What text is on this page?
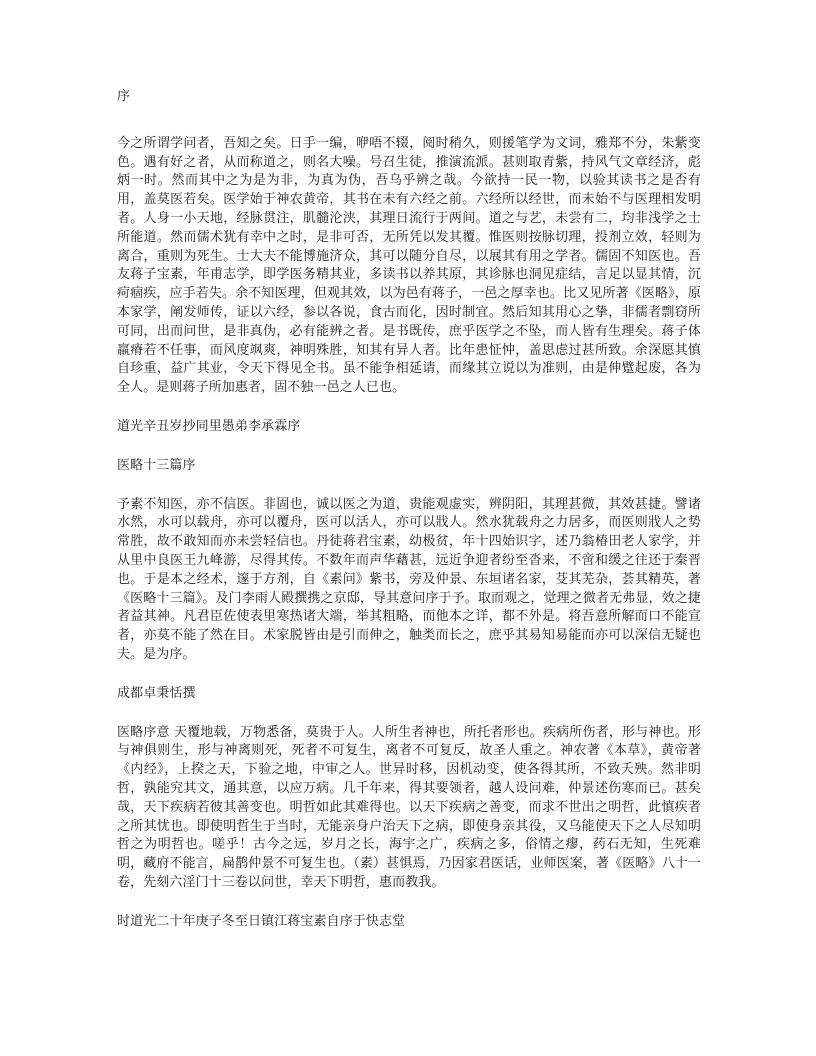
序

今之所谓学问者，吾知之矣。日手一编，咿唔不辍，阅时稍久，则援笔学为文词，雅郑不分，朱紫变色。遇有好之者，从而称道之，则名大噪。号召生徒，推演流派。甚则取青紫，持风气文章经济，彪炳一时。然而其中之为是为非，为真为伪，吾乌乎辨之哉。今欲持一民一物，以验其读书之是否有用，盖莫医若矣。医学始于神农黄帝，其书在未有六经之前。六经所以经世，而未始不与医理相发明者。人身一小天地，经脉贯注，肌髓沦浃，其理日流行于两间。道之与艺，未尝有二，均非浅学之士所能道。然而儒术犹有幸中之时，是非可否，无所凭以发其覆。惟医则按脉切理，投剂立效，轻则为离合，重则为死生。士大夫不能博施济众，其可以随分自尽，以展其有用之学者。儒固不知医也。吾友蒋子宝素，年甫志学，即学医务精其业，多读书以养其原，其诊脉也洞见症结，言足以显其情，沉疴痼疾，应手若失。余不知医理，但观其效，以为邑有蒋子，一邑之厚幸也。比又见所著《医略》，原本家学，阐发师传，证以六经，参以各说，食古而化，因时制宜。然后知其用心之挚，非儒者剽窃所可同，出而问世，是非真伪，必有能辨之者。是书既传，庶乎医学之不坠，而人皆有生理矣。蒋子体羸瘠若不任事，而风度飒爽，神明殊胜，知其有异人者。比年患怔忡，盖思虑过甚所致。余深愿其慎自珍重，益广其业，令天下得见全书。虽不能争相延请，而缘其立说以为准则，由是伸躄起废，各为全人。是则蒋子所加惠者，固不独一邑之人已也。

道光辛丑岁抄同里愚弟李承霖序

医略十三篇序

予素不知医，亦不信医。非固也，诚以医之为道，贵能观虚实，辨阴阳，其理甚微，其效甚捷。譬诸水然，水可以载舟，亦可以覆舟，医可以活人，亦可以戕人。然水犹载舟之力居多，而医则戕人之势常胜，故不敢知而亦未尝轻信也。丹徒蒋君宝素，幼极贫，年十四始识字，述乃翁椿田老人家学，并从里中良医王九峰游，尽得其传。不数年而声华藉甚，远近争迎者纷至沓来，不啻和缓之往还于秦晋也。于是本之经术，邃于方剂，自《素问》紫书，旁及仲景、东垣诸名家，芟其芜杂，荟其精英，著《医略十三篇》。及门李雨人殿撰携之京邸，导其意问序于予。取而观之，觉理之微者无弗显，效之捷者益其神。凡君臣佐使表里寒热诸大端，举其粗略，而他本之详，都不外是。将吾意所解而口不能宣者，亦莫不能了然在目。术家脱皆由是引而伸之，触类而长之，庶乎其易知易能而亦可以深信无疑也夫。是为序。

成都卓秉恬撰

医略序意 天覆地载，万物悉备，莫贵于人。人所生者神也，所托者形也。疾病所伤者，形与神也。形与神俱则生，形与神离则死，死者不可复生，离者不可复反，故圣人重之。神农著《本草》，黄帝著《内经》，上揆之天，下验之地，中审之人。世异时移，因机动变，使各得其所，不致夭殃。然非明哲，孰能究其文，通其意，以应万病。几千年来，得其要领者，越人设问难，仲景述伤寒而已。甚矣哉，天下疾病若彼其善变也。明哲如此其难得也。以天下疾病之善变，而求不世出之明哲，此慎疾者之所其忧也。即使明哲生于当时，无能亲身户治天下之病，即使身亲其役，又乌能使天下之人尽知明哲之为明哲也。嗟乎！古今之远，岁月之长，海宇之广，疾病之多，俗情之瘳，药石无知，生死难明，藏府不能言，扁鹊仲景不可复生也。（素）甚惧焉，乃因家君医话，业师医案，著《医略》八十一卷，先刻六淫门十三卷以问世，幸天下明哲，惠而教我。

时道光二十年庚子冬至日镇江蒋宝素自序于快志堂
